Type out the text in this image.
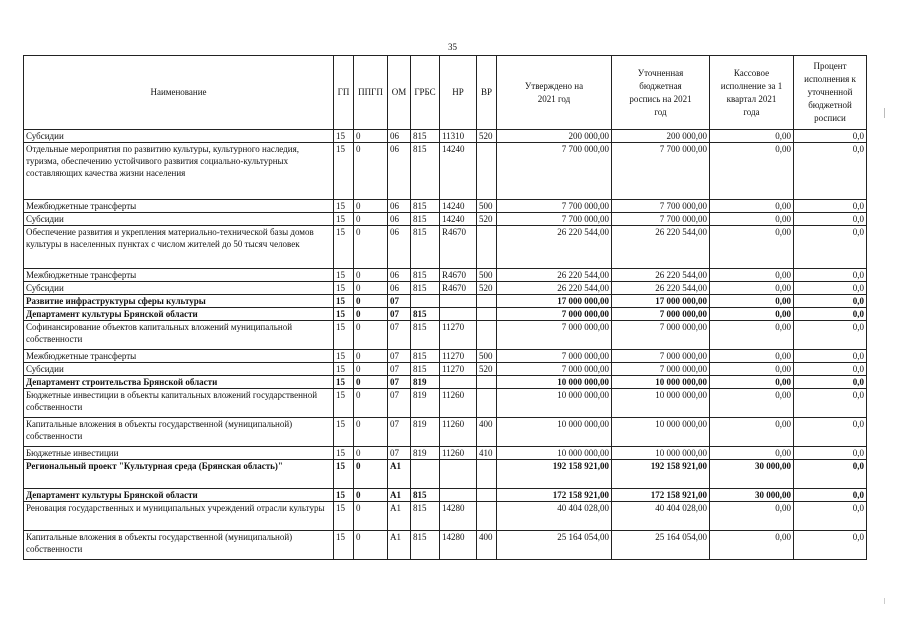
35
Наименование	ГП	ППГП	ОМ	ГРБС	НР	ВР	Утверждено на 2021 год	Уточненная бюджетная роспись на 2021 год	Кассовое исполнение за 1 квартал 2021 года	Процент исполнения к уточненной бюджетной росписи
Субсидии	15	0	06	815	11310	520	200 000,00	200 000,00	0,00	0,0
Отдельные мероприятия по развитию культуры, культурного наследия, туризма, обеспечению устойчивого развития социально-культурных составляющих качества жизни населения	15	0	06	815	14240		7 700 000,00	7 700 000,00	0,00	0,0
Межбюджетные трансферты	15	0	06	815	14240	500	7 700 000,00	7 700 000,00	0,00	0,0
Субсидии	15	0	06	815	14240	520	7 700 000,00	7 700 000,00	0,00	0,0
Обеспечение развития и укрепления материально-технической базы домов культуры в населенных пунктах с числом жителей до 50 тысяч человек	15	0	06	815	R4670		26 220 544,00	26 220 544,00	0,00	0,0
Межбюджетные трансферты	15	0	06	815	R4670	500	26 220 544,00	26 220 544,00	0,00	0,0
Субсидии	15	0	06	815	R4670	520	26 220 544,00	26 220 544,00	0,00	0,0
Развитие инфраструктуры сферы культуры	15	0	07				17 000 000,00	17 000 000,00	0,00	0,0
Департамент культуры Брянской области	15	0	07	815			7 000 000,00	7 000 000,00	0,00	0,0
Софинансирование объектов капитальных вложений муниципальной собственности	15	0	07	815	11270		7 000 000,00	7 000 000,00	0,00	0,0
Межбюджетные трансферты	15	0	07	815	11270	500	7 000 000,00	7 000 000,00	0,00	0,0
Субсидии	15	0	07	815	11270	520	7 000 000,00	7 000 000,00	0,00	0,0
Департамент строительства Брянской области	15	0	07	819			10 000 000,00	10 000 000,00	0,00	0,0
Бюджетные инвестиции в объекты капитальных вложений государственной собственности	15	0	07	819	11260		10 000 000,00	10 000 000,00	0,00	0,0
Капитальные вложения в объекты государственной (муниципальной) собственности	15	0	07	819	11260	400	10 000 000,00	10 000 000,00	0,00	0,0
Бюджетные инвестиции	15	0	07	819	11260	410	10 000 000,00	10 000 000,00	0,00	0,0
Региональный проект "Культурная среда (Брянская область)"	15	0	A1				192 158 921,00	192 158 921,00	30 000,00	0,0
Департамент культуры Брянской области	15	0	A1	815			172 158 921,00	172 158 921,00	30 000,00	0,0
Реновация государственных и муниципальных учреждений отрасли культуры	15	0	A1	815	14280		40 404 028,00	40 404 028,00	0,00	0,0
Капитальные вложения в объекты государственной (муниципальной) собственности	15	0	A1	815	14280	400	25 164 054,00	25 164 054,00	0,00	0,0
